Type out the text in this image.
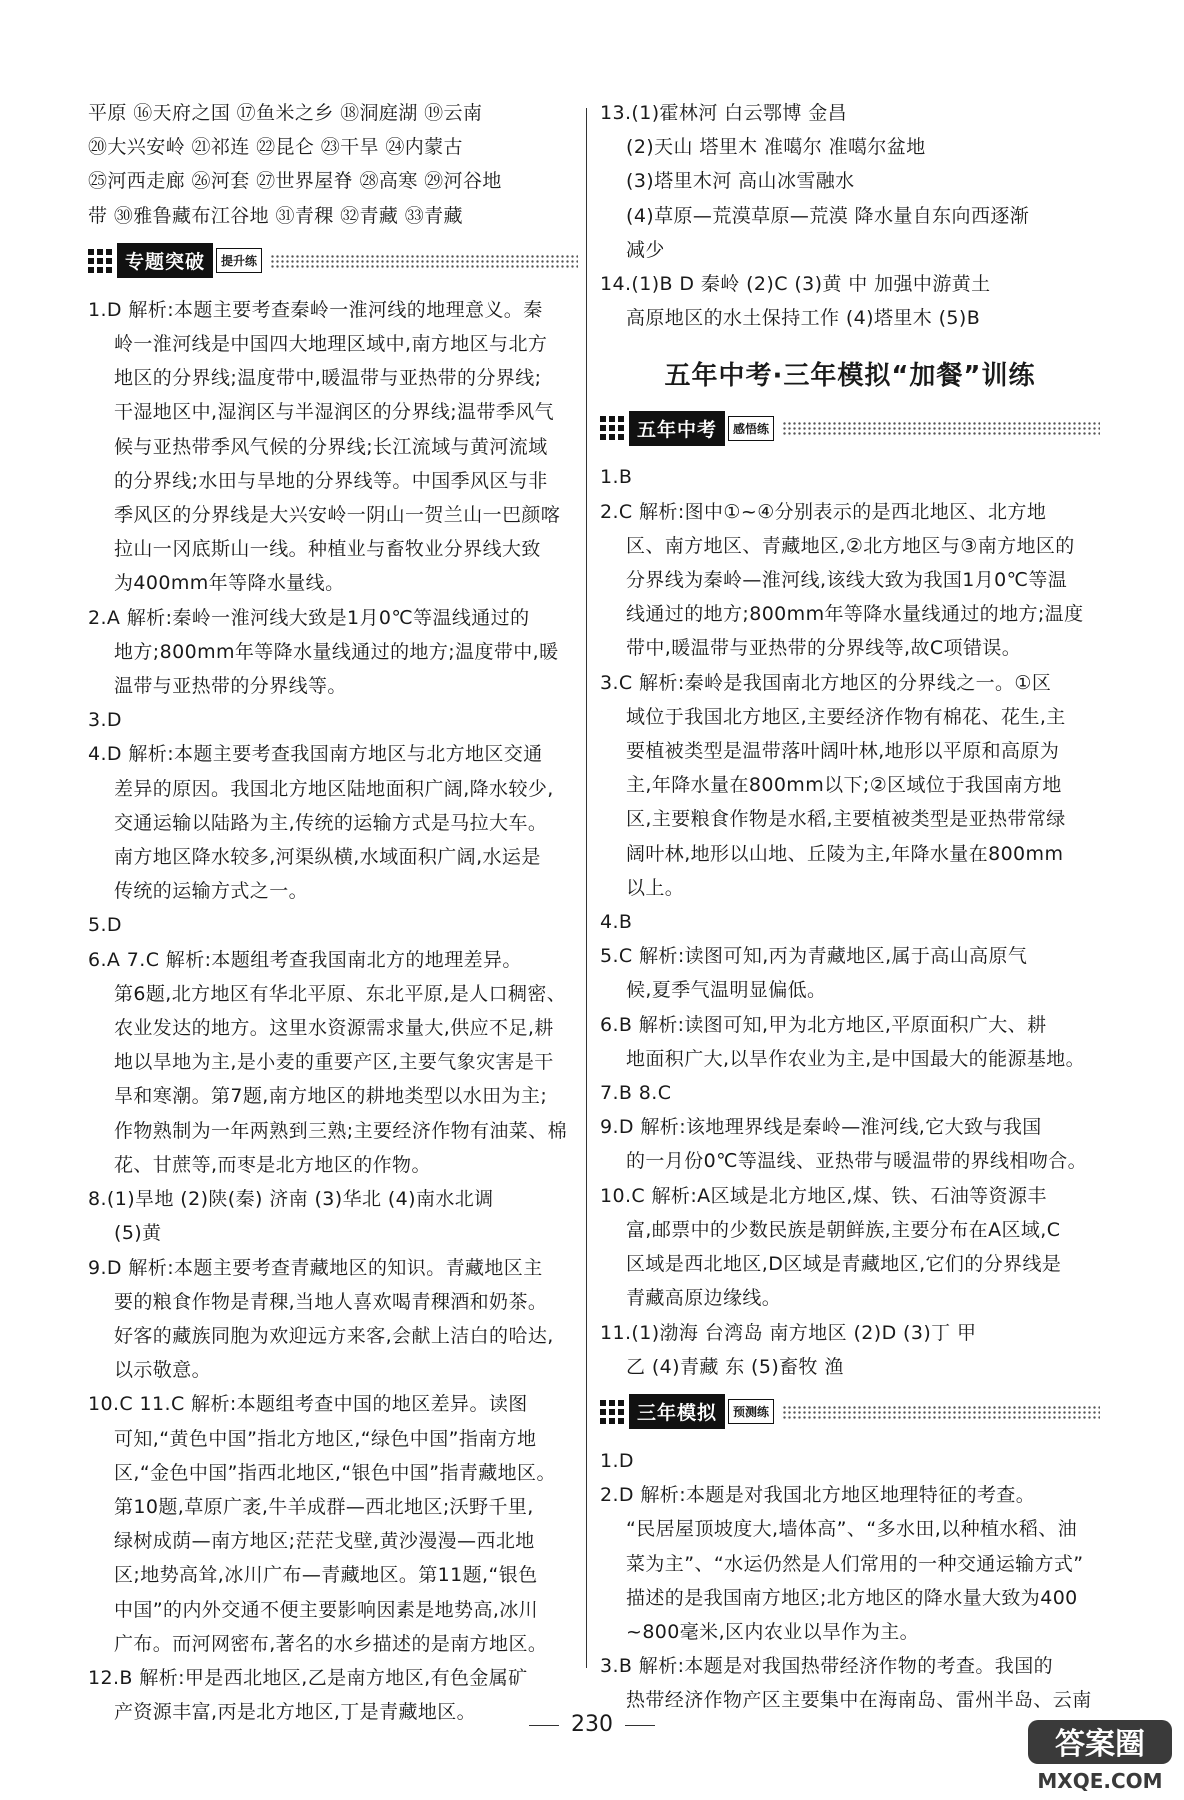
平原 ⑯天府之国 ⑰鱼米之乡 ⑱洞庭湖 ⑲云南

⑳大兴安岭 ㉑祁连 ㉒昆仑 ㉓干旱 ㉔内蒙古

㉕河西走廊 ㉖河套 ㉗世界屋脊 ㉘高寒 ㉙河谷地

带 ㉚雅鲁藏布江谷地 ㉛青稞 ㉜青藏 ㉝青藏

专题突破	提升练

1.D 解析:本题主要考查秦岭一淮河线的地理意义。秦

岭一淮河线是中国四大地理区域中,南方地区与北方

地区的分界线;温度带中,暖温带与亚热带的分界线;

干湿地区中,湿润区与半湿润区的分界线;温带季风气

候与亚热带季风气候的分界线;长江流域与黄河流域

的分界线;水田与旱地的分界线等。中国季风区与非

季风区的分界线是大兴安岭一阴山一贺兰山一巴颜喀

拉山一冈底斯山一线。种植业与畜牧业分界线大致

为400mm年等降水量线。

2.A 解析:秦岭一淮河线大致是1月0℃等温线通过的

地方;800mm年等降水量线通过的地方;温度带中,暖

温带与亚热带的分界线等。

3.D

4.D 解析:本题主要考查我国南方地区与北方地区交通

差异的原因。我国北方地区陆地面积广阔,降水较少,

交通运输以陆路为主,传统的运输方式是马拉大车。

南方地区降水较多,河渠纵横,水域面积广阔,水运是

传统的运输方式之一。

5.D

6.A 7.C 解析:本题组考查我国南北方的地理差异。

第6题,北方地区有华北平原、东北平原,是人口稠密、

农业发达的地方。这里水资源需求量大,供应不足,耕

地以旱地为主,是小麦的重要产区,主要气象灾害是干

旱和寒潮。第7题,南方地区的耕地类型以水田为主;

作物熟制为一年两熟到三熟;主要经济作物有油菜、棉

花、甘蔗等,而枣是北方地区的作物。

8.(1)旱地 (2)陕(秦) 济南 (3)华北 (4)南水北调

(5)黄

9.D 解析:本题主要考查青藏地区的知识。青藏地区主

要的粮食作物是青稞,当地人喜欢喝青稞酒和奶茶。

好客的藏族同胞为欢迎远方来客,会献上洁白的哈达,

以示敬意。

10.C 11.C 解析:本题组考查中国的地区差异。读图

可知,“黄色中国”指北方地区,“绿色中国”指南方地

区,“金色中国”指西北地区,“银色中国”指青藏地区。

第10题,草原广袤,牛羊成群—西北地区;沃野千里,

绿树成荫—南方地区;茫茫戈壁,黄沙漫漫—西北地

区;地势高耸,冰川广布—青藏地区。第11题,“银色

中国”的内外交通不便主要影响因素是地势高,冰川

广布。而河网密布,著名的水乡描述的是南方地区。

12.B 解析:甲是西北地区,乙是南方地区,有色金属矿

产资源丰富,丙是北方地区,丁是青藏地区。

13.(1)霍林河 白云鄂博 金昌

(2)天山 塔里木 准噶尔 准噶尔盆地

(3)塔里木河 高山冰雪融水

(4)草原—荒漠草原—荒漠 降水量自东向西逐渐

减少

14.(1)B D 秦岭 (2)C (3)黄 中 加强中游黄土

高原地区的水土保持工作 (4)塔里木 (5)B

五年中考·三年模拟“加餐”训练
五年中考	感悟练

1.B

2.C 解析:图中①~④分别表示的是西北地区、北方地

区、南方地区、青藏地区,②北方地区与③南方地区的

分界线为秦岭—淮河线,该线大致为我国1月0℃等温

线通过的地方;800mm年等降水量线通过的地方;温度

带中,暖温带与亚热带的分界线等,故C项错误。

3.C 解析:秦岭是我国南北方地区的分界线之一。①区

域位于我国北方地区,主要经济作物有棉花、花生,主

要植被类型是温带落叶阔叶林,地形以平原和高原为

主,年降水量在800mm以下;②区域位于我国南方地

区,主要粮食作物是水稻,主要植被类型是亚热带常绿

阔叶林,地形以山地、丘陵为主,年降水量在800mm

以上。

4.B

5.C 解析:读图可知,丙为青藏地区,属于高山高原气

候,夏季气温明显偏低。

6.B 解析:读图可知,甲为北方地区,平原面积广大、耕

地面积广大,以旱作农业为主,是中国最大的能源基地。

7.B 8.C

9.D 解析:该地理界线是秦岭—淮河线,它大致与我国

的一月份0℃等温线、亚热带与暖温带的界线相吻合。

10.C 解析:A区域是北方地区,煤、铁、石油等资源丰

富,邮票中的少数民族是朝鲜族,主要分布在A区域,C

区域是西北地区,D区域是青藏地区,它们的分界线是

青藏高原边缘线。

11.(1)渤海 台湾岛 南方地区 (2)D (3)丁 甲

乙 (4)青藏 东 (5)畜牧 渔

三年模拟	预测练

1.D

2.D 解析:本题是对我国北方地区地理特征的考查。

“民居屋顶坡度大,墙体高”、“多水田,以种植水稻、油

菜为主”、“水运仍然是人们常用的一种交通运输方式”

描述的是我国南方地区;北方地区的降水量大致为400

~800毫米,区内农业以旱作为主。

3.B 解析:本题是对我国热带经济作物的考查。我国的

热带经济作物产区主要集中在海南岛、雷州半岛、云南

230
答案圈
MXQE.COM
